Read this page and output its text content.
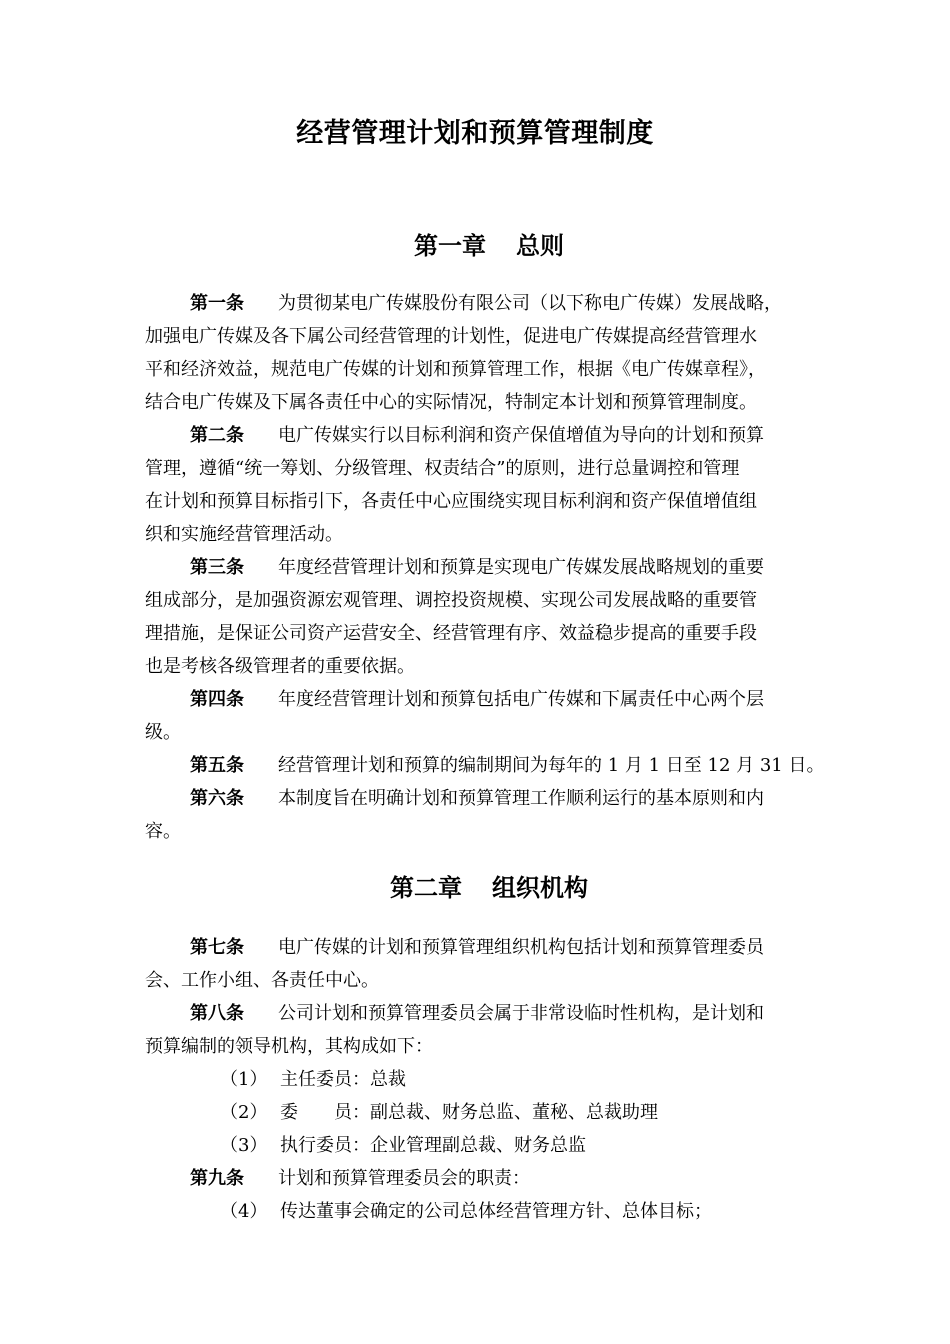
经营管理计划和预算管理制度
第一章 总则
第一条 为贯彻某电广传媒股份有限公司（以下称电广传媒）发展战略，
加强电广传媒及各下属公司经营管理的计划性，促进电广传媒提高经营管理水
平和经济效益，规范电广传媒的计划和预算管理工作，根据《电广传媒章程》，
结合电广传媒及下属各责任中心的实际情况，特制定本计划和预算管理制度。
第二条 电广传媒实行以目标利润和资产保值增值为导向的计划和预算
管理，遵循“统一筹划、分级管理、权责结合”的原则，进行总量调控和管理
在计划和预算目标指引下，各责任中心应围绕实现目标利润和资产保值增值组
织和实施经营管理活动。
第三条 年度经营管理计划和预算是实现电广传媒发展战略规划的重要
组成部分，是加强资源宏观管理、调控投资规模、实现公司发展战略的重要管
理措施，是保证公司资产运营安全、经营管理有序、效益稳步提高的重要手段
也是考核各级管理者的重要依据。
第四条 年度经营管理计划和预算包括电广传媒和下属责任中心两个层
级。
第五条 经营管理计划和预算的编制期间为每年的 1 月 1 日至 12 月 31 日。
第六条 本制度旨在明确计划和预算管理工作顺利运行的基本原则和内
容。
第二章 组织机构
第七条 电广传媒的计划和预算管理组织机构包括计划和预算管理委员
会、工作小组、各责任中心。
第八条 公司计划和预算管理委员会属于非常设临时性机构，是计划和
预算编制的领导机构，其构成如下：
（1） 主任委员：总裁
（2） 委　　员：副总裁、财务总监、董秘、总裁助理
（3） 执行委员：企业管理副总裁、财务总监
第九条 计划和预算管理委员会的职责：
（4） 传达董事会确定的公司总体经营管理方针、总体目标；
